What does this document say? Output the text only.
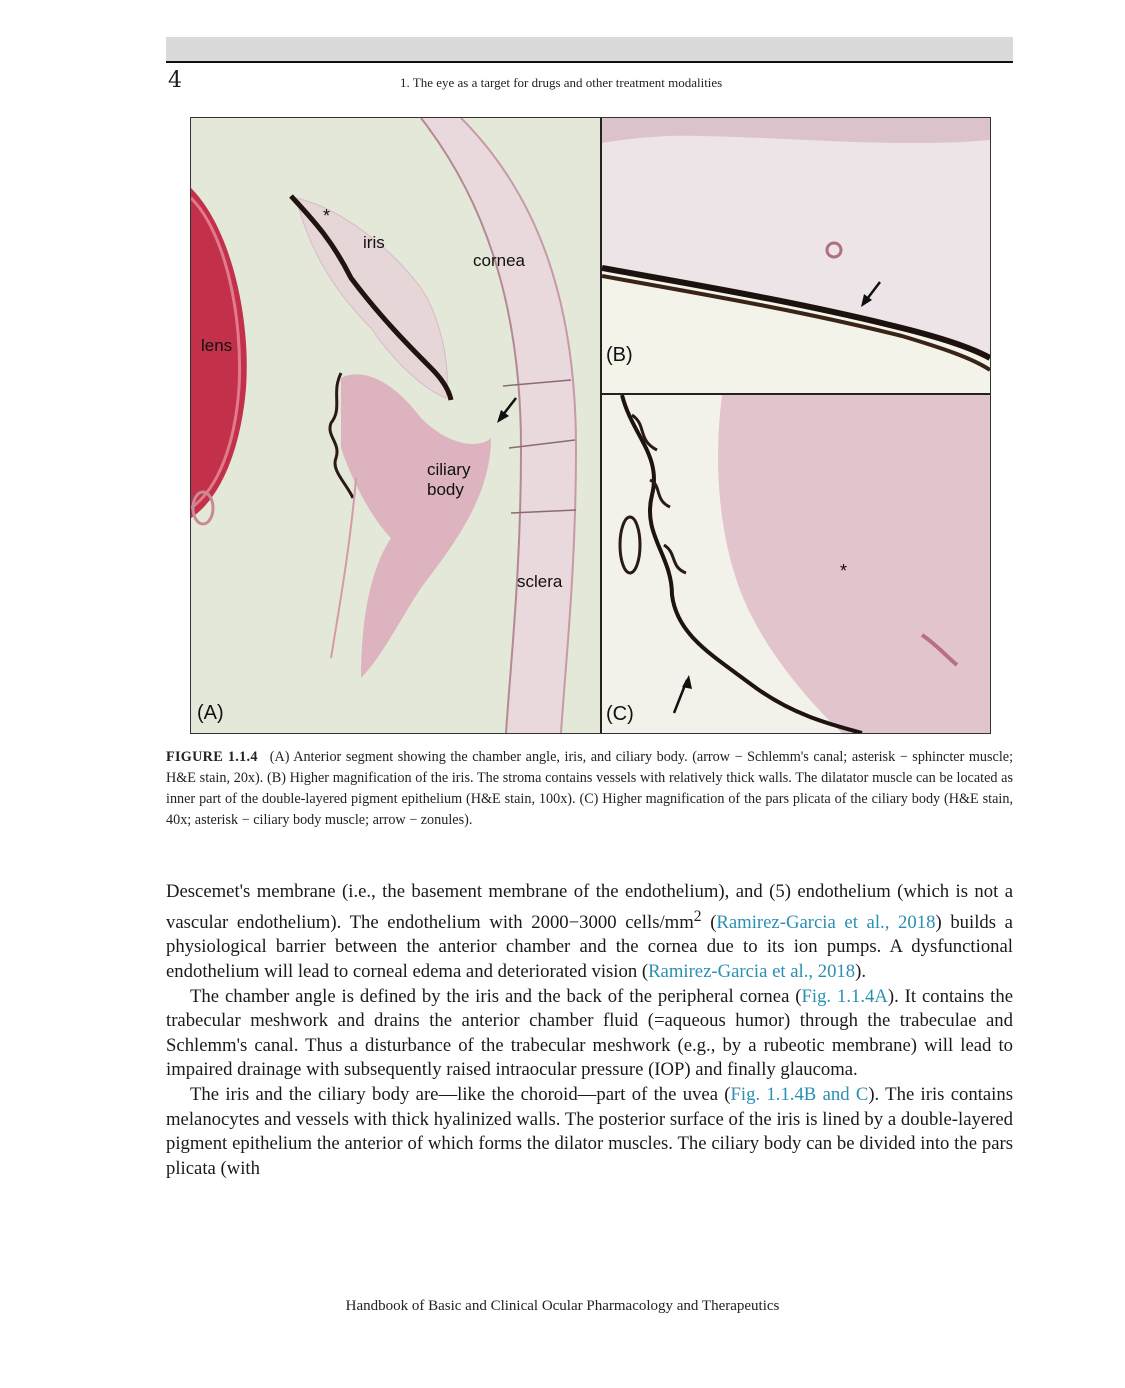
4	1. The eye as a target for drugs and other treatment modalities
lens
iris
cornea
ciliary body
sclera
*
(A)
(B)
*
(C)
FIGURE 1.1.4 (A) Anterior segment showing the chamber angle, iris, and ciliary body. (arrow − Schlemm's canal; asterisk − sphincter muscle; H&E stain, 20x). (B) Higher magnification of the iris. The stroma contains vessels with relatively thick walls. The dilatator muscle can be located as inner part of the double-layered pigment epithelium (H&E stain, 100x). (C) Higher magnification of the pars plicata of the ciliary body (H&E stain, 40x; asterisk − ciliary body muscle; arrow − zonules).

Descemet's membrane (i.e., the basement membrane of the endothelium), and (5) endothelium (which is not a vascular endothelium). The endothelium with 2000−3000 cells/$mm^2$ (Ramirez-Garcia et al., 2018) builds a physiological barrier between the anterior chamber and the cornea due to its ion pumps. A dysfunctional endothelium will lead to corneal edema and deteriorated vision (Ramirez-Garcia et al., 2018).

The chamber angle is defined by the iris and the back of the peripheral cornea (Fig. 1.1.4A). It contains the trabecular meshwork and drains the anterior chamber fluid (=aqueous humor) through the trabeculae and Schlemm's canal. Thus a disturbance of the trabecular meshwork (e.g., by a rubeotic membrane) will lead to impaired drainage with subsequently raised intraocular pressure (IOP) and finally glaucoma.

The iris and the ciliary body are—like the choroid—part of the uvea (Fig. 1.1.4B and C). The iris contains melanocytes and vessels with thick hyalinized walls. The posterior surface of the iris is lined by a double-layered pigment epithelium the anterior of which forms the dilator muscles. The ciliary body can be divided into the pars plicata (with

Handbook of Basic and Clinical Ocular Pharmacology and Therapeutics
